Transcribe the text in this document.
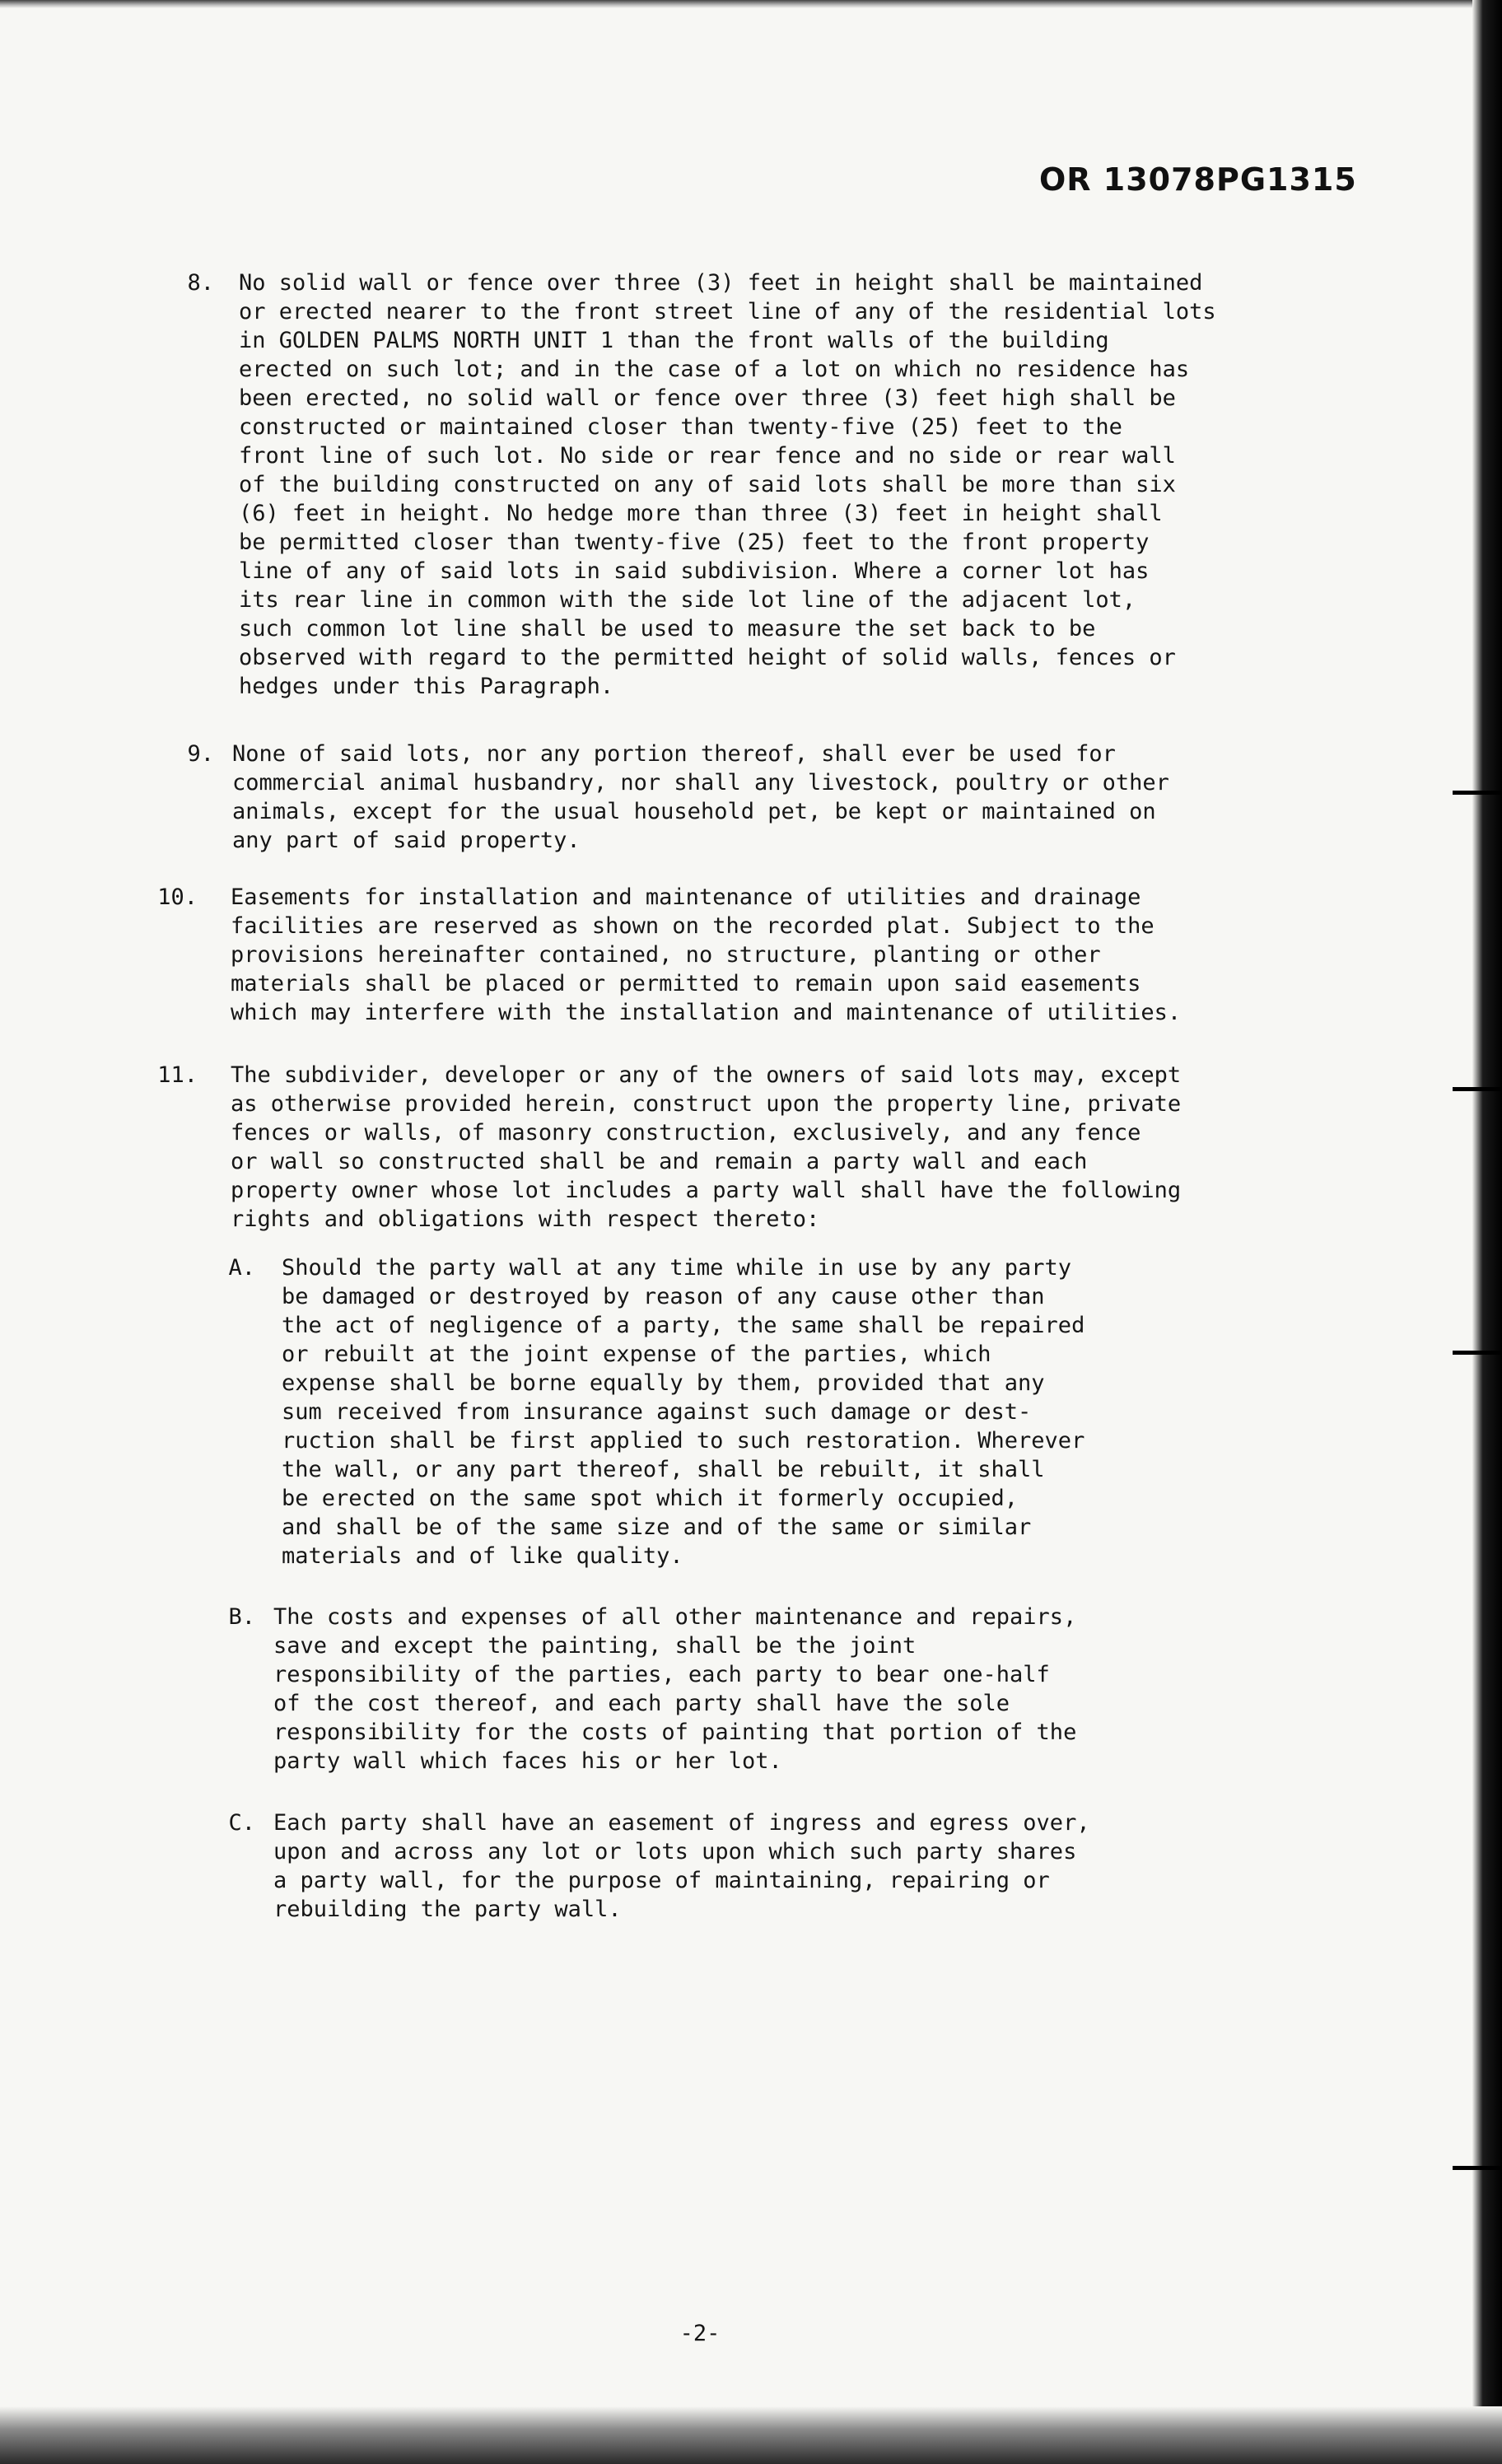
OR 13078PG1315
8. No solid wall or fence over three (3) feet in height shall be maintained
or erected nearer to the front street line of any of the residential lots
in GOLDEN PALMS NORTH UNIT 1 than the front walls of the building
erected on such lot; and in the case of a lot on which no residence has
been erected, no solid wall or fence over three (3) feet high shall be
constructed or maintained closer than twenty-five (25) feet to the
front line of such lot. No side or rear fence and no side or rear wall
of the building constructed on any of said lots shall be more than six
(6) feet in height. No hedge more than three (3) feet in height shall
be permitted closer than twenty-five (25) feet to the front property
line of any of said lots in said subdivision. Where a corner lot has
its rear line in common with the side lot line of the adjacent lot,
such common lot line shall be used to measure the set back to be
observed with regard to the permitted height of solid walls, fences or
hedges under this Paragraph.
9. None of said lots, nor any portion thereof, shall ever be used for
commercial animal husbandry, nor shall any livestock, poultry or other
animals, except for the usual household pet, be kept or maintained on
any part of said property.
10. Easements for installation and maintenance of utilities and drainage
facilities are reserved as shown on the recorded plat. Subject to the
provisions hereinafter contained, no structure, planting or other
materials shall be placed or permitted to remain upon said easements
which may interfere with the installation and maintenance of utilities.
11. The subdivider, developer or any of the owners of said lots may, except
as otherwise provided herein, construct upon the property line, private
fences or walls, of masonry construction, exclusively, and any fence
or wall so constructed shall be and remain a party wall and each
property owner whose lot includes a party wall shall have the following
rights and obligations with respect thereto:
A. Should the party wall at any time while in use by any party
be damaged or destroyed by reason of any cause other than
the act of negligence of a party, the same shall be repaired
or rebuilt at the joint expense of the parties, which
expense shall be borne equally by them, provided that any
sum received from insurance against such damage or dest-
ruction shall be first applied to such restoration. Wherever
the wall, or any part thereof, shall be rebuilt, it shall
be erected on the same spot which it formerly occupied,
and shall be of the same size and of the same or similar
materials and of like quality.
B. The costs and expenses of all other maintenance and repairs,
save and except the painting, shall be the joint
responsibility of the parties, each party to bear one-half
of the cost thereof, and each party shall have the sole
responsibility for the costs of painting that portion of the
party wall which faces his or her lot.
C. Each party shall have an easement of ingress and egress over,
upon and across any lot or lots upon which such party shares
a party wall, for the purpose of maintaining, repairing or
rebuilding the party wall.
-2-
